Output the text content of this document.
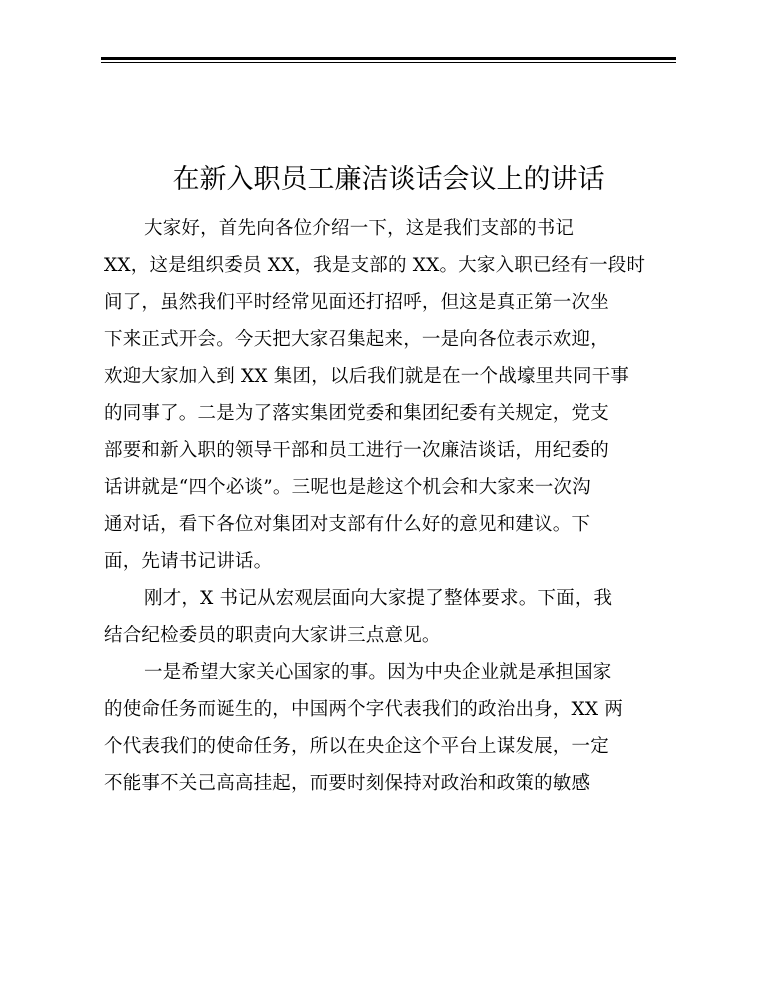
在新入职员工廉洁谈话会议上的讲话

大家好，首先向各位介绍一下，这是我们支部的书记
XX，这是组织委员 XX，我是支部的 XX。大家入职已经有一段时
间了，虽然我们平时经常见面还打招呼，但这是真正第一次坐
下来正式开会。今天把大家召集起来，一是向各位表示欢迎，
欢迎大家加入到 XX 集团，以后我们就是在一个战壕里共同干事
的同事了。二是为了落实集团党委和集团纪委有关规定，党支
部要和新入职的领导干部和员工进行一次廉洁谈话，用纪委的
话讲就是“四个必谈”。三呢也是趁这个机会和大家来一次沟
通对话，看下各位对集团对支部有什么好的意见和建议。下
面，先请书记讲话。

刚才，X 书记从宏观层面向大家提了整体要求。下面，我
结合纪检委员的职责向大家讲三点意见。

一是希望大家关心国家的事。因为中央企业就是承担国家
的使命任务而诞生的，中国两个字代表我们的政治出身，XX 两
个代表我们的使命任务，所以在央企这个平台上谋发展，一定
不能事不关己高高挂起，而要时刻保持对政治和政策的敏感
